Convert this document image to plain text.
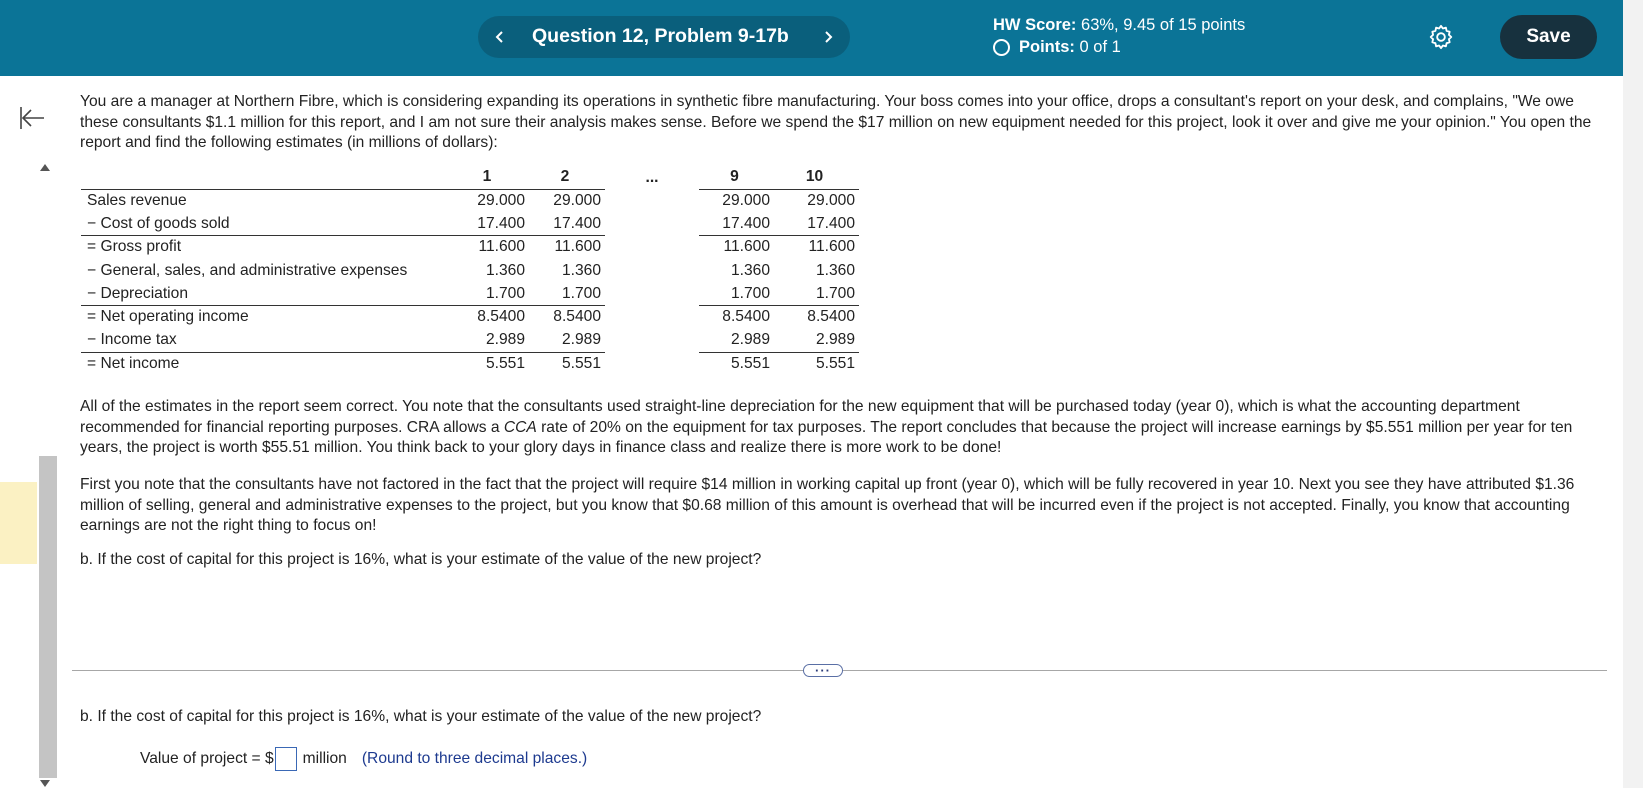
Question 12, Problem 9-17b	HW Score: 63%, 9.45 of 15 points
Points:
0 of 1	Save
You are a manager at Northern Fibre, which is considering expanding its operations in synthetic fibre manufacturing. Your boss comes into your office, drops a consultant's report on your desk, and complains, "We owe these consultants $1.1 million for this report, and I am not sure their analysis makes sense. Before we spend the $17 million on new equipment needed for this project, look it over and give me your opinion." You open the report and find the following estimates (in millions of dollars):
	1	2	...	9	10
Sales revenue	29.000	29.000		29.000	29.000
− Cost of goods sold	17.400	17.400		17.400	17.400
= Gross profit	11.600	11.600		11.600	11.600
− General, sales, and administrative expenses	1.360	1.360		1.360	1.360
− Depreciation	1.700	1.700		1.700	1.700
= Net operating income	8.5400	8.5400		8.5400	8.5400
− Income tax	2.989	2.989		2.989	2.989
= Net income	5.551	5.551		5.551	5.551
All of the estimates in the report seem correct. You note that the consultants used straight-line depreciation for the new equipment that will be purchased today (year 0), which is what the accounting department recommended for financial reporting purposes. CRA allows a CCA rate of 20% on the equipment for tax purposes. The report concludes that because the project will increase earnings by $5.551 million per year for ten years, the project is worth $55.51 million. You think back to your glory days in finance class and realize there is more work to be done!
First you note that the consultants have not factored in the fact that the project will require $14 million in working capital up front (year 0), which will be fully recovered in year 10. Next you see they have attributed $1.36 million of selling, general and administrative expenses to the project, but you know that $0.68 million of this amount is overhead that will be incurred even if the project is not accepted. Finally, you know that accounting earnings are not the right thing to focus on!
b. If the cost of capital for this project is 16%, what is your estimate of the value of the new project?
···
b. If the cost of capital for this project is 16%, what is your estimate of the value of the new project?
Value of project = $ million (Round to three decimal places.)
